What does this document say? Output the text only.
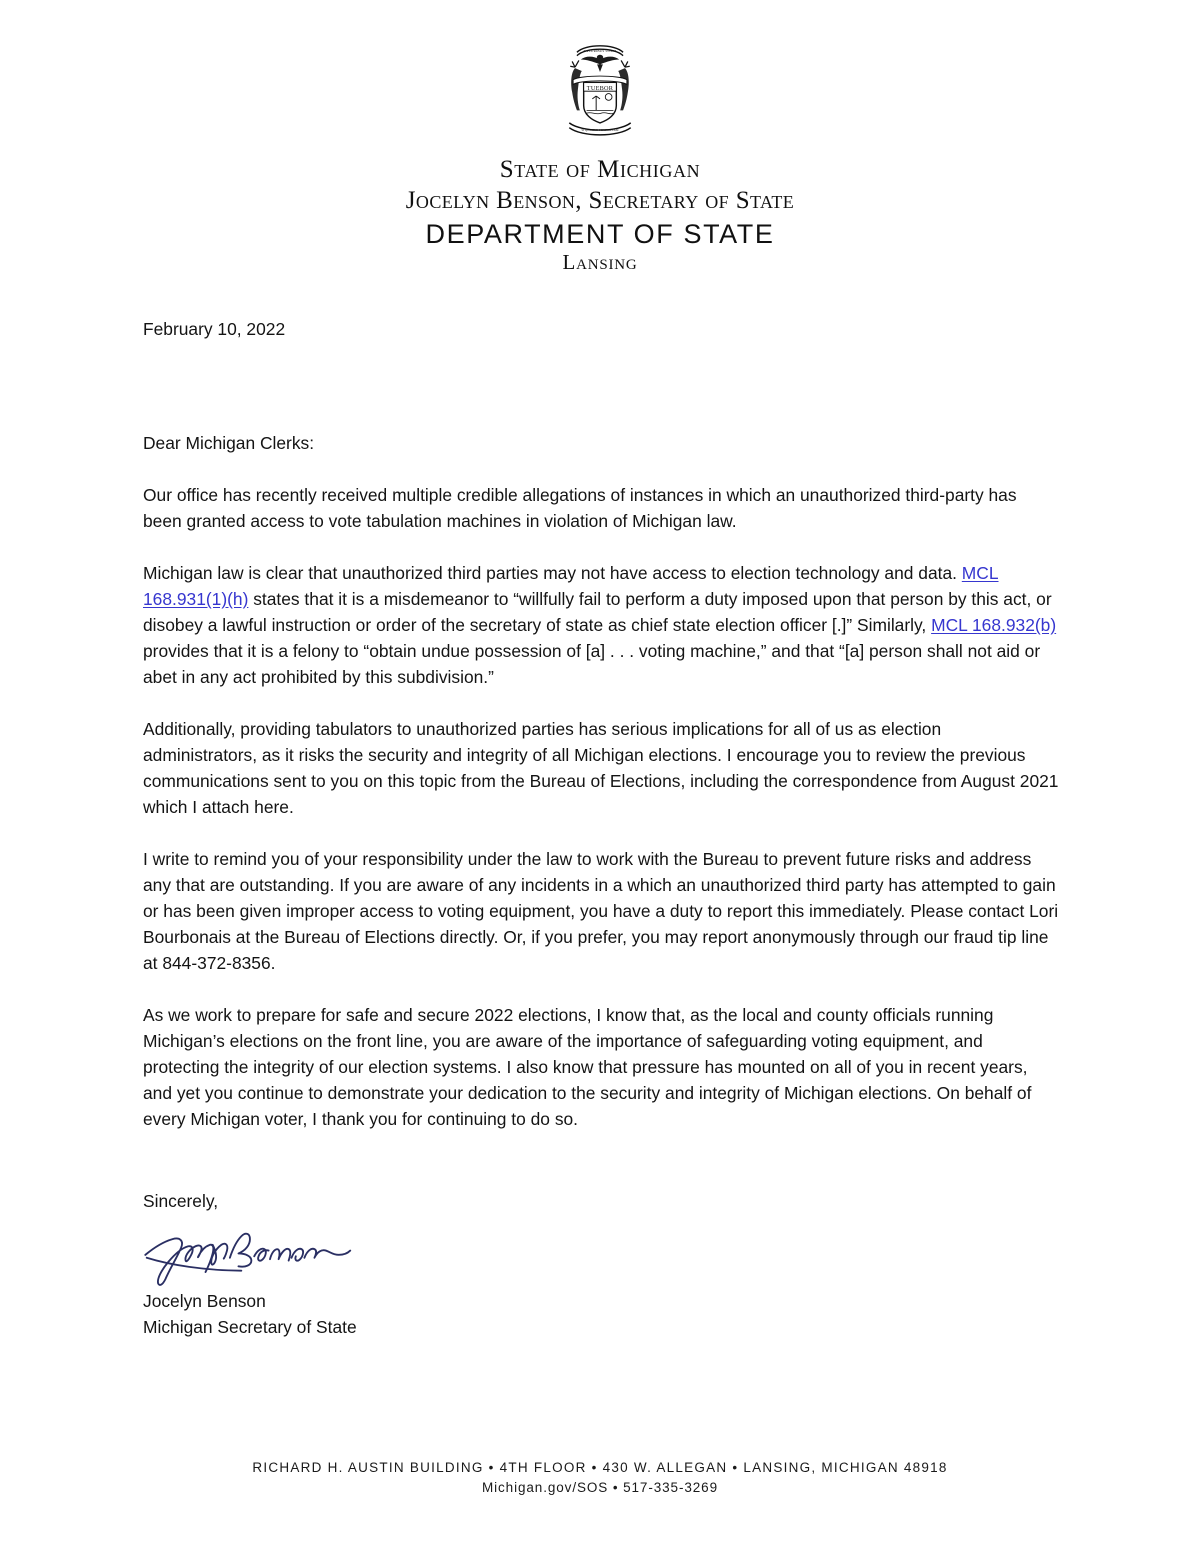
TUEBOR
E PLURIBUS UNUM
SI QUAERIS PENINSULAM
State of Michigan
Jocelyn Benson, Secretary of State
DEPARTMENT OF STATE
Lansing

February 10, 2022

Dear Michigan Clerks:

Our office has recently received multiple credible allegations of instances in which an unauthorized third-party has been granted access to vote tabulation machines in violation of Michigan law.

Michigan law is clear that unauthorized third parties may not have access to election technology and data. MCL 168.931(1)(h) states that it is a misdemeanor to “willfully fail to perform a duty imposed upon that person by this act, or disobey a lawful instruction or order of the secretary of state as chief state election officer [.]” Similarly, MCL 168.932(b) provides that it is a felony to “obtain undue possession of [a] . . . voting machine,” and that “[a] person shall not aid or abet in any act prohibited by this subdivision.”

Additionally, providing tabulators to unauthorized parties has serious implications for all of us as election administrators, as it risks the security and integrity of all Michigan elections. I encourage you to review the previous communications sent to you on this topic from the Bureau of Elections, including the correspondence from August 2021 which I attach here.

I write to remind you of your responsibility under the law to work with the Bureau to prevent future risks and address any that are outstanding. If you are aware of any incidents in a which an unauthorized third party has attempted to gain or has been given improper access to voting equipment, you have a duty to report this immediately. Please contact Lori Bourbonais at the Bureau of Elections directly. Or, if you prefer, you may report anonymously through our fraud tip line at 844-372-8356.

As we work to prepare for safe and secure 2022 elections, I know that, as the local and county officials running Michigan’s elections on the front line, you are aware of the importance of safeguarding voting equipment, and protecting the integrity of our election systems. I also know that pressure has mounted on all of you in recent years, and yet you continue to demonstrate your dedication to the security and integrity of Michigan elections. On behalf of every Michigan voter, I thank you for continuing to do so.

Sincerely,

Jocelyn Benson

Michigan Secretary of State

RICHARD H. AUSTIN BUILDING • 4TH FLOOR • 430 W. ALLEGAN • LANSING, MICHIGAN 48918
Michigan.gov/SOS • 517-335-3269
